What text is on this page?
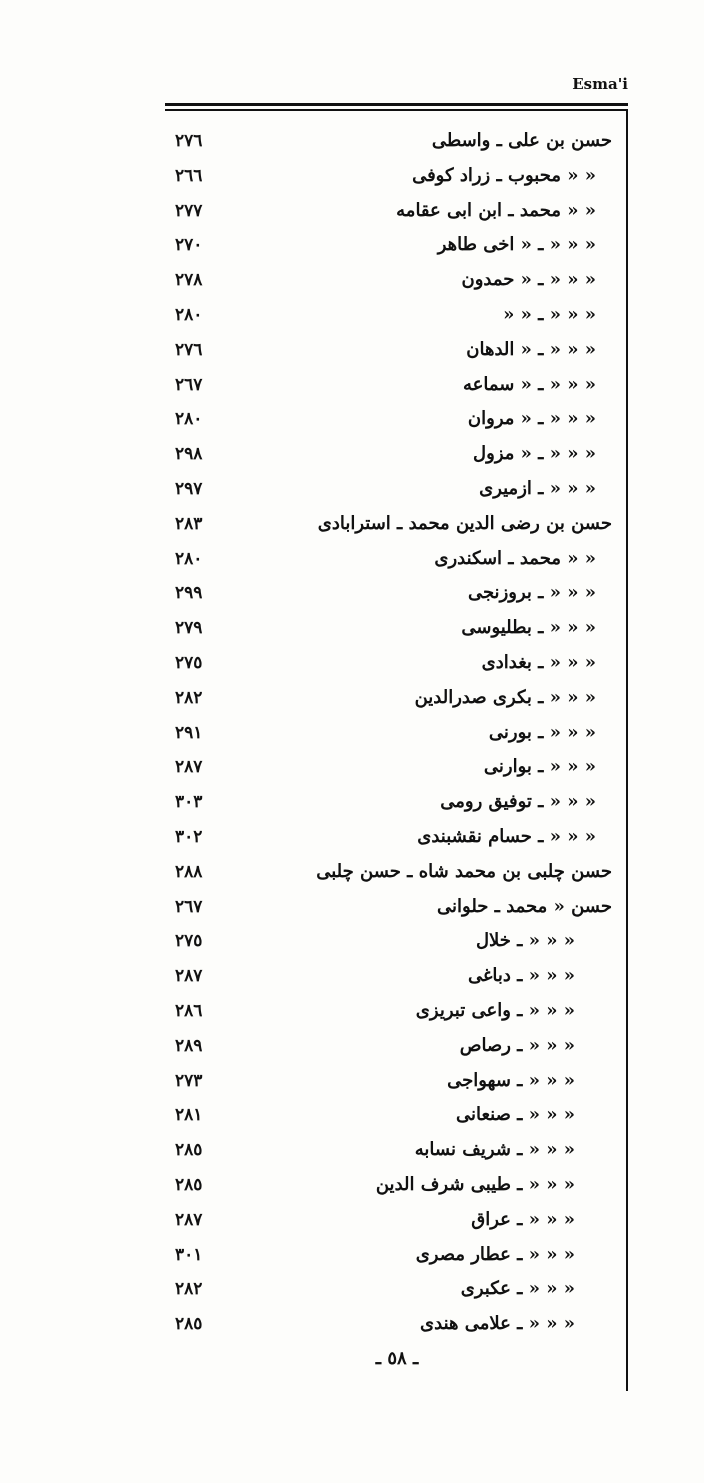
Esma'i
٢٧٦	حسن بن علی ـ واسطی
٢٦٦	« « محبوب ـ زراد کوفی
٢٧٧	« « محمد ـ ابن ابی عقامه
٢٧٠	« « « ـ « اخی طاهر
٢٧٨	« « « ـ « حمدون
٢٨٠	« « « ـ « «
٢٧٦	« « « ـ « الدهان
٢٦٧	« « « ـ « سماعه
٢٨٠	« « « ـ « مروان
٢٩٨	« « « ـ « مزول
٢٩٧	« « « ـ ازمیری
٢٨٣	حسن بن رضی الدین محمد ـ استرابادی
٢٨٠	« « محمد ـ اسکندری
٢٩٩	« « « ـ بروزنجی
٢٧٩	« « « ـ بطلیوسی
٢٧٥	« « « ـ بغدادی
٢٨٢	« « « ـ بکری صدرالدین
٢٩١	« « « ـ بورنی
٢٨٧	« « « ـ بوارنی
٣٠٣	« « « ـ توفیق رومی
٣٠٢	« « « ـ حسام نقشبندی
٢٨٨	حسن چلبی بن محمد شاه ـ حسن چلبی
٢٦٧	حسن « محمد ـ حلوانی
٢٧٥	« « « ـ خلال
٢٨٧	« « « ـ دباغی
٢٨٦	« « « ـ واعی تبریزی
٢٨٩	« « « ـ رصاص
٢٧٣	« « « ـ سهواجی
٢٨١	« « « ـ صنعانی
٢٨٥	« « « ـ شریف نسابه
٢٨٥	« « « ـ طیبی شرف الدین
٢٨٧	« « « ـ عراق
٣٠١	« « « ـ عطار مصری
٢٨٢	« « « ـ عکبری
٢٨٥	« « « ـ علامی هندی
ـ ٥٨ ـ
